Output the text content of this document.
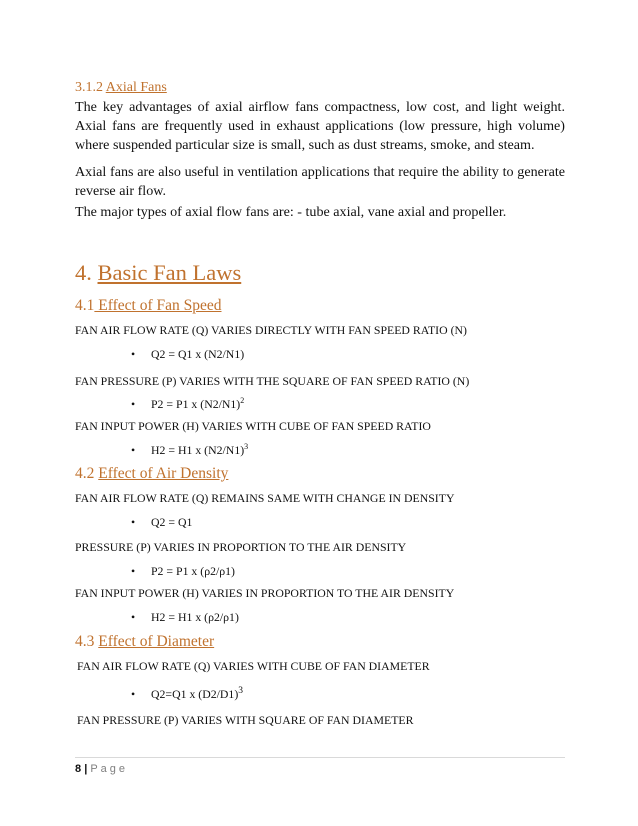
3.1.2 Axial Fans
The key advantages of axial airflow fans compactness, low cost, and light weight. Axial fans are frequently used in exhaust applications (low pressure, high volume) where suspended particular size is small, such as dust streams, smoke, and steam.
Axial fans are also useful in ventilation applications that require the ability to generate reverse air flow.
The major types of axial flow fans are: - tube axial, vane axial and propeller.
4. Basic Fan Laws
4.1 Effect of Fan Speed
FAN AIR FLOW RATE (Q) VARIES DIRECTLY WITH FAN SPEED RATIO (N)
• Q2 = Q1 x (N2/N1)
FAN PRESSURE (P) VARIES WITH THE SQUARE OF FAN SPEED RATIO (N)
• P2 = P1 x $(N2/N1)^2$
FAN INPUT POWER (H) VARIES WITH CUBE OF FAN SPEED RATIO
• H2 = H1 x $(N2/N1)^3$
4.2 Effect of Air Density
FAN AIR FLOW RATE (Q) REMAINS SAME WITH CHANGE IN DENSITY
• Q2 = Q1
PRESSURE (P) VARIES IN PROPORTION TO THE AIR DENSITY
• P2 = P1 x (ρ2/ρ1)
FAN INPUT POWER (H) VARIES IN PROPORTION TO THE AIR DENSITY
• H2 = H1 x (ρ2/ρ1)
4.3 Effect of Diameter
FAN AIR FLOW RATE (Q) VARIES WITH CUBE OF FAN DIAMETER
• Q2=Q1 x $(D2/D1)^3$
FAN PRESSURE (P) VARIES WITH SQUARE OF FAN DIAMETER
8 | Page
